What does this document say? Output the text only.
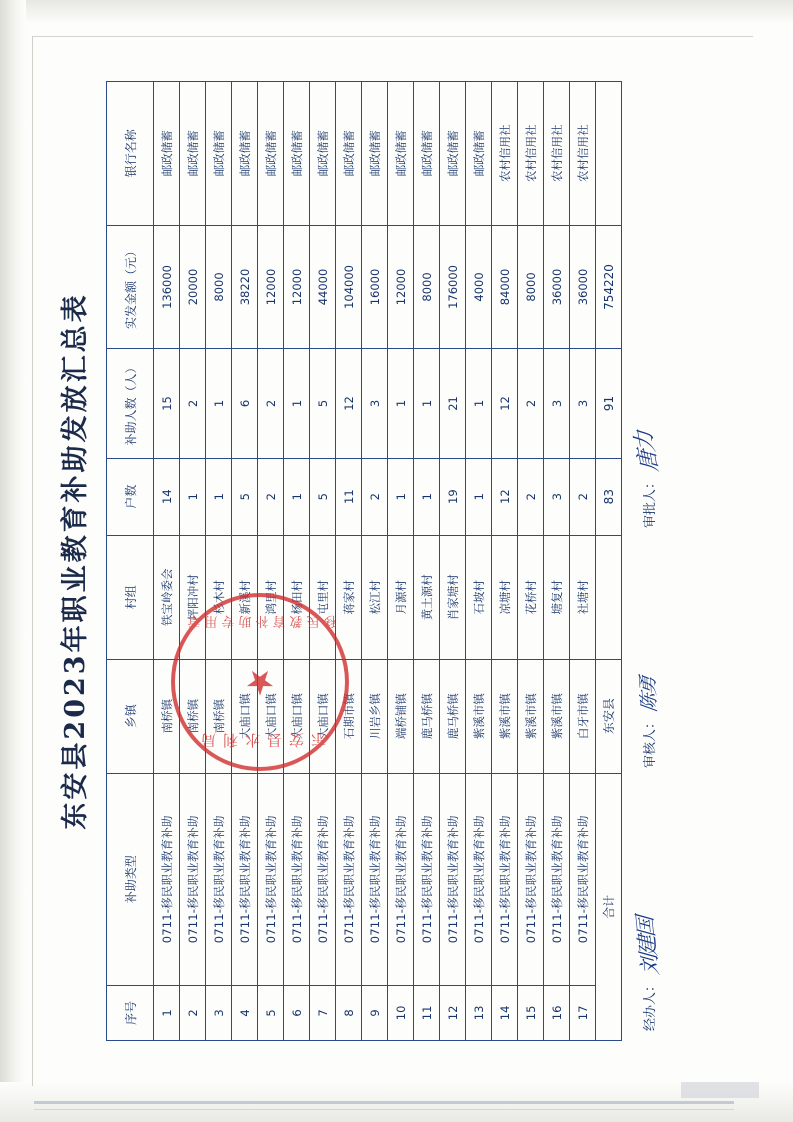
东安县2023年职业教育补助发放汇总表
序号	补助类型	乡镇	村组	户数	补助人数（人）	实发金额（元）	银行名称
1	0711-移民职业教育补助	南桥镇	铁宝岭委会	14	15	136000	邮政储蓄
2	0711-移民职业教育补助	南桥镇	坪阳冲村	1	2	20000	邮政储蓄
3	0711-移民职业教育补助	南桥镇	杉木村	1	1	8000	邮政储蓄
4	0711-移民职业教育补助	大庙口镇	新溪村	5	6	38220	邮政储蓄
5	0711-移民职业教育补助	大庙口镇	鸿里村	2	2	12000	邮政储蓄
6	0711-移民职业教育补助	大庙口镇	杨田村	1	1	12000	邮政储蓄
7	0711-移民职业教育补助	大庙口镇	屯里村	5	5	44000	邮政储蓄
8	0711-移民职业教育补助	石期市镇	蒋家村	11	12	104000	邮政储蓄
9	0711-移民职业教育补助	川岩乡镇	松江村	2	3	16000	邮政储蓄
10	0711-移民职业教育补助	端桥铺镇	月源村	1	1	12000	邮政储蓄
11	0711-移民职业教育补助	鹿马桥镇	黄土源村	1	1	8000	邮政储蓄
12	0711-移民职业教育补助	鹿马桥镇	肖家塘村	19	21	176000	邮政储蓄
13	0711-移民职业教育补助	紫溪市镇	石坡村	1	1	4000	邮政储蓄
14	0711-移民职业教育补助	紫溪市镇	凉塘村	12	12	84000	农村信用社
15	0711-移民职业教育补助	紫溪市镇	花桥村	2	2	8000	农村信用社
16	0711-移民职业教育补助	紫溪市镇	塘复村	3	3	36000	农村信用社
17	0711-移民职业教育补助	白牙市镇	社塘村	2	3	36000	农村信用社
合计		东安县		83	91	754220	
经办人：
刘建国
审核人：
陈勇
审批人：
唐力
东安县水利局
★
移民教育补助专用章
